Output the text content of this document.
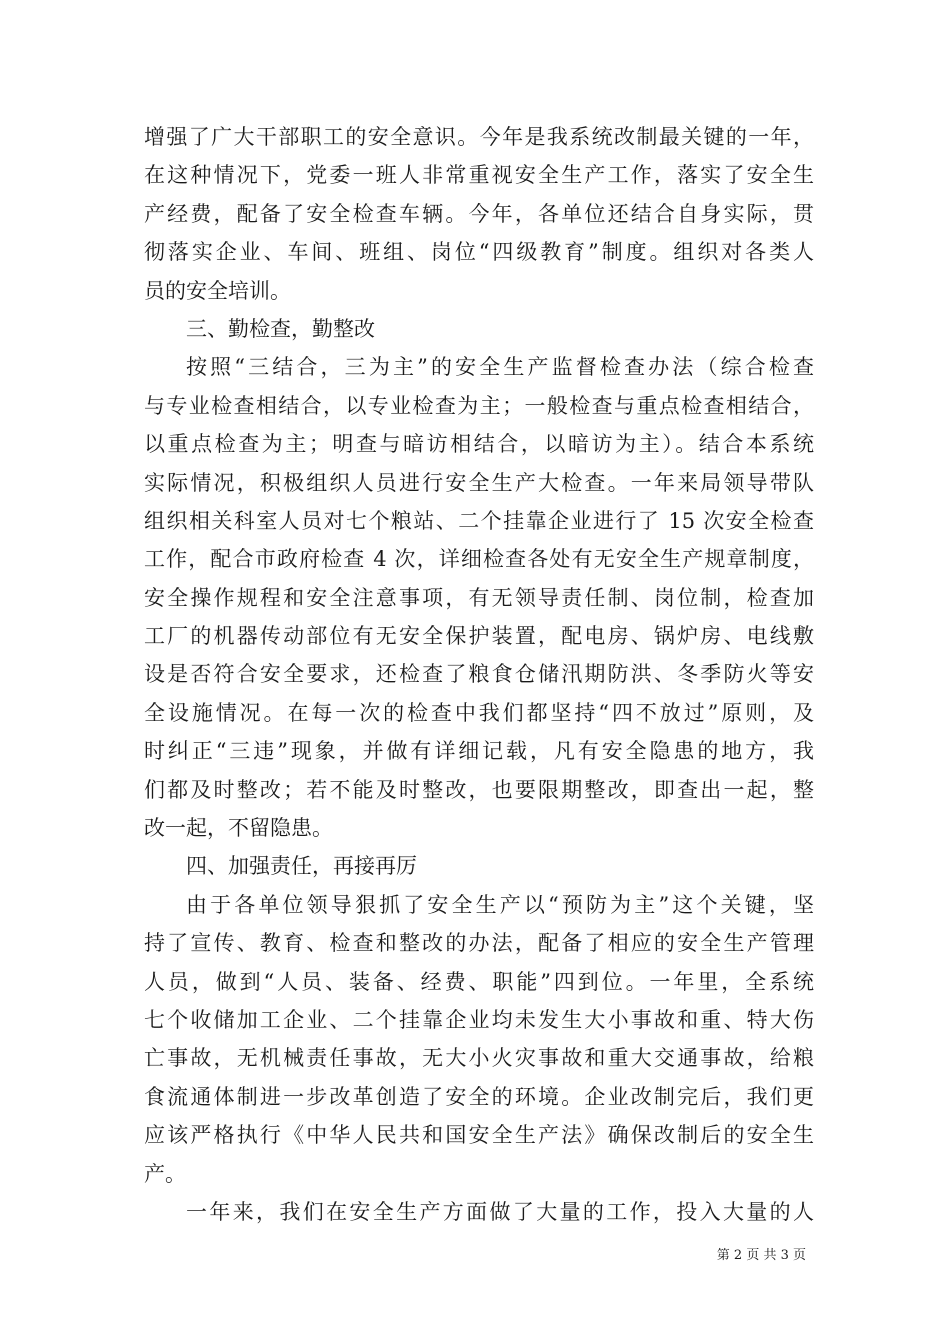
增强了广大干部职工的安全意识。今年是我系统改制最关键的一年，
在这种情况下，党委一班人非常重视安全生产工作，落实了安全生
产经费，配备了安全检查车辆。今年，各单位还结合自身实际，贯
彻落实企业、车间、班组、岗位“四级教育”制度。组织对各类人
员的安全培训。
三、勤检查，勤整改
按照“三结合，三为主”的安全生产监督检查办法（综合检查
与专业检查相结合，以专业检查为主；一般检查与重点检查相结合，
以重点检查为主；明查与暗访相结合，以暗访为主）。结合本系统
实际情况，积极组织人员进行安全生产大检查。一年来局领导带队
组织相关科室人员对七个粮站、二个挂靠企业进行了 15 次安全检查
工作，配合市政府检查 4 次，详细检查各处有无安全生产规章制度，
安全操作规程和安全注意事项，有无领导责任制、岗位制，检查加
工厂的机器传动部位有无安全保护装置，配电房、锅炉房、电线敷
设是否符合安全要求，还检查了粮食仓储汛期防洪、冬季防火等安
全设施情况。在每一次的检查中我们都坚持“四不放过”原则，及
时纠正“三违”现象，并做有详细记载，凡有安全隐患的地方，我
们都及时整改；若不能及时整改，也要限期整改，即查出一起，整
改一起，不留隐患。
四、加强责任，再接再厉
由于各单位领导狠抓了安全生产以“预防为主”这个关键，坚
持了宣传、教育、检查和整改的办法，配备了相应的安全生产管理
人员，做到“人员、装备、经费、职能”四到位。一年里，全系统
七个收储加工企业、二个挂靠企业均未发生大小事故和重、特大伤
亡事故，无机械责任事故，无大小火灾事故和重大交通事故，给粮
食流通体制进一步改革创造了安全的环境。企业改制完后，我们更
应该严格执行《中华人民共和国安全生产法》确保改制后的安全生
产。
一年来，我们在安全生产方面做了大量的工作，投入大量的人
第 2 页 共 3 页
